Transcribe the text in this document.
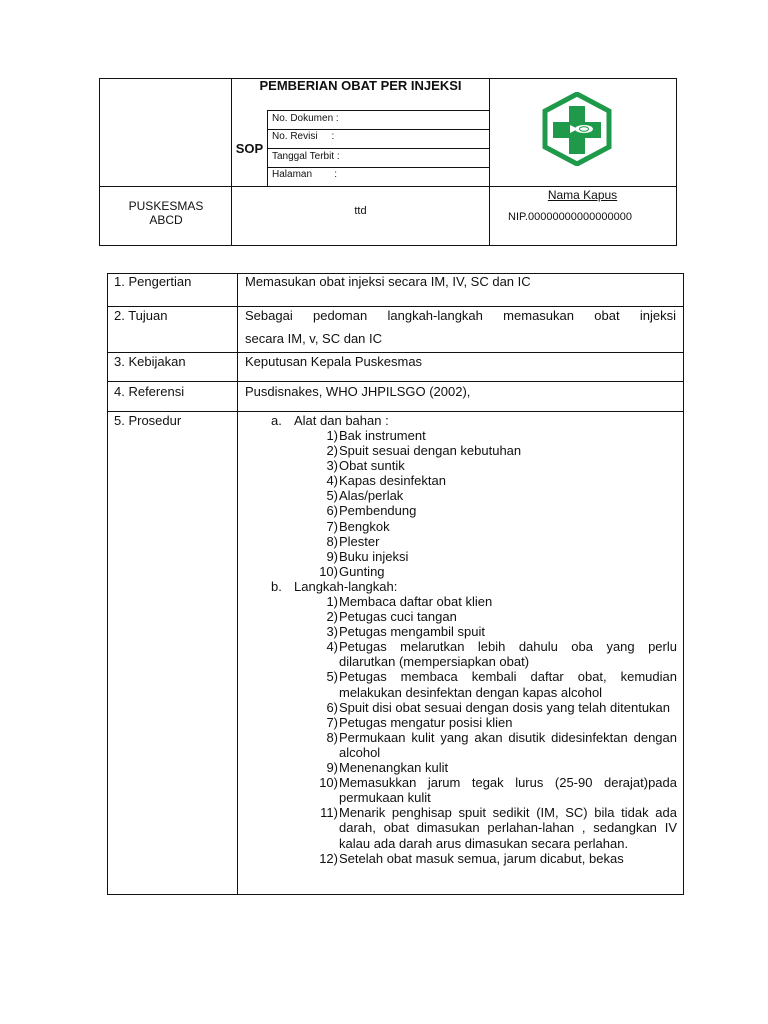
PEMBERIAN OBAT PER INJEKSI
SOP
No. Dokumen :
No. Revisi     :
Tanggal Terbit :
Halaman        :
PUSKESMAS
ABCD
ttd
Nama Kapus
NIP.00000000000000000
1. Pengertian	Memasukan obat injeksi secara IM, IV, SC dan IC
2. Tujuan	Sebagai pedoman langkah-langkah memasukan obat injeksi
secara IM, v, SC dan IC
3. Kebijakan	Keputusan Kepala Puskesmas
4. Referensi	Pusdisnakes, WHO JHPILSGO (2002),
5. Prosedur	a. Alat dan bahan :
1) Bak instrument
2) Spuit sesuai dengan kebutuhan
3) Obat suntik
4) Kapas desinfektan
5) Alas/perlak
6) Pembendung
7) Bengkok
8) Plester
9) Buku injeksi
10) Gunting
b. Langkah-langkah:
1) Membaca daftar obat klien
2) Petugas cuci tangan
3) Petugas mengambil spuit
4) Petugas melarutkan lebih dahulu oba yang perlu dilarutkan (mempersiapkan obat)
5) Petugas membaca kembali daftar obat, kemudian melakukan desinfektan dengan kapas alcohol
6) Spuit disi obat sesuai dengan dosis yang telah ditentukan
7) Petugas mengatur posisi klien
8) Permukaan kulit yang akan disutik didesinfektan dengan alcohol
9) Menenangkan kulit
10) Memasukkan jarum tegak lurus (25-90 derajat)pada permukaan kulit
11) Menarik penghisap spuit sedikit (IM, SC) bila tidak ada darah, obat dimasukan perlahan-lahan , sedangkan IV kalau ada darah arus dimasukan secara perlahan.
12) Setelah obat masuk semua, jarum dicabut, bekas
